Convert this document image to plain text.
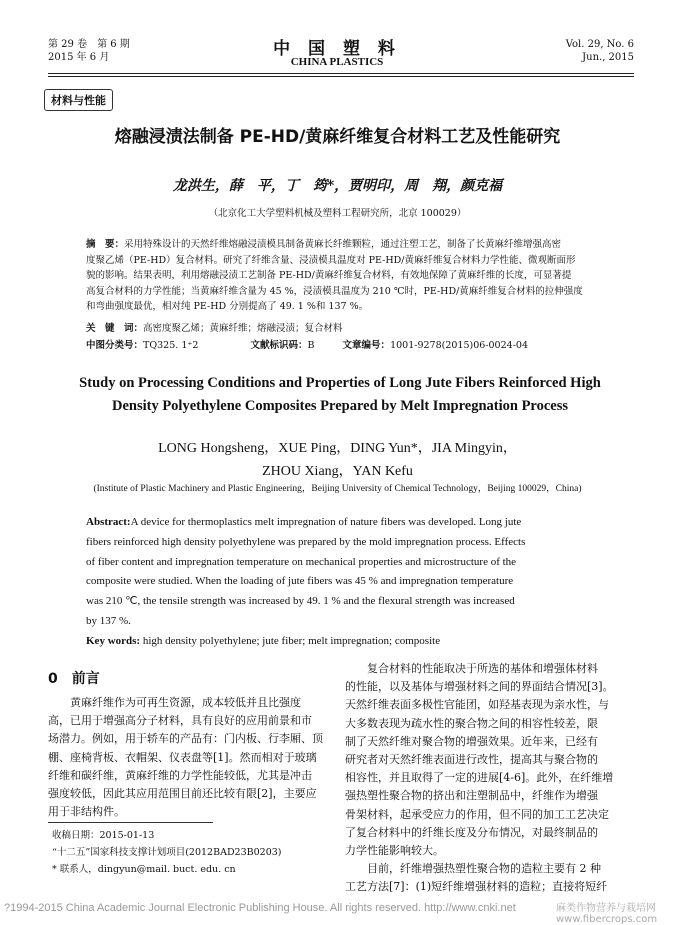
第 29 卷　第 6 期
2015 年 6 月	中 国 塑 料
CHINA PLASTICS
Vol. 29, No. 6
Jun., 2015
材料与性能
熔融浸渍法制备 PE-HD/黄麻纤维复合材料工艺及性能研究
龙洪生，薛　平，丁　筠*，贾明印，周　翔，颜克福
（北京化工大学塑料机械及塑料工程研究所，北京 100029）
摘　要：采用特殊设计的天然纤维熔融浸渍模具制备黄麻长纤维颗粒，通过注塑工艺，制备了长黄麻纤维增强高密
度聚乙烯（PE-HD）复合材料。研究了纤维含量、浸渍模具温度对 PE-HD/黄麻纤维复合材料力学性能、微观断面形
貌的影响。结果表明，利用熔融浸渍工艺制备 PE-HD/黄麻纤维复合材料，有效地保障了黄麻纤维的长度，可显著提
高复合材料的力学性能；当黄麻纤维含量为 45 %，浸渍模具温度为 210 ℃时，PE-HD/黄麻纤维复合材料的拉伸强度
和弯曲强度最优，相对纯 PE-HD 分别提高了 49. 1 %和 137 %。
关　键　词：高密度聚乙烯；黄麻纤维；熔融浸渍；复合材料
中图分类号：TQ325. 1⁺2	文献标识码：B	文章编号：1001-9278(2015)06-0024-04
Study on Processing Conditions and Properties of Long Jute Fibers Reinforced High
Density Polyethylene Composites Prepared by Melt Impregnation Process
LONG Hongsheng，XUE Ping，DING Yun*，JIA Mingyin，
ZHOU Xiang，YAN Kefu
(Institute of Plastic Machinery and Plastic Engineering，Beijing University of Chemical Technology，Beijing 100029，China)
Abstract:A device for thermoplastics melt impregnation of nature fibers was developed. Long jute
fibers reinforced high density polyethylene was prepared by the mold impregnation process. Effects
of fiber content and impregnation temperature on mechanical properties and microstructure of the
composite were studied. When the loading of jute fibers was 45 % and impregnation temperature
was 210 ℃, the tensile strength was increased by 49. 1 % and the flexural strength was increased
by 137 %.
Key words: high density polyethylene; jute fiber; melt impregnation; composite
0 前言
黄麻纤维作为可再生资源，成本较低并且比强度
高，已用于增强高分子材料，具有良好的应用前景和市
场潜力。例如，用于轿车的产品有：门内板、行李厢、顶
棚、座椅背板、衣帽架、仪表盘等[1]。然而相对于玻璃
纤维和碳纤维，黄麻纤维的力学性能较低，尤其是冲击
强度较低，因此其应用范围目前还比较有限[2]，主要应
用于非结构件。
复合材料的性能取决于所选的基体和增强体材料
的性能，以及基体与增强材料之间的界面结合情况[3]。
天然纤维表面多极性官能团，如羟基表现为亲水性，与
大多数表现为疏水性的聚合物之间的相容性较差，限
制了天然纤维对聚合物的增强效果。近年来，已经有
研究者对天然纤维表面进行改性，提高其与聚合物的
相容性，并且取得了一定的进展[4-6]。此外，在纤维增
强热塑性聚合物的挤出和注塑制品中，纤维作为增强
骨架材料，起承受应力的作用，但不同的加工工艺决定
了复合材料中的纤维长度及分布情况，对最终制品的
力学性能影响较大。
目前，纤维增强热塑性聚合物的造粒主要有 2 种
工艺方法[7]：(1)短纤维增强材料的造粒；直接将短纤
收稿日期：2015-01-13
“十二五”国家科技支撑计划项目(2012BAD23B0203)
* 联系人，dingyun@mail. buct. edu. cn
?1994-2015 China Academic Journal Electronic Publishing House. All rights reserved. http://www.cnki.net	麻类作物营养与栽培网 www.fibercrops.com
